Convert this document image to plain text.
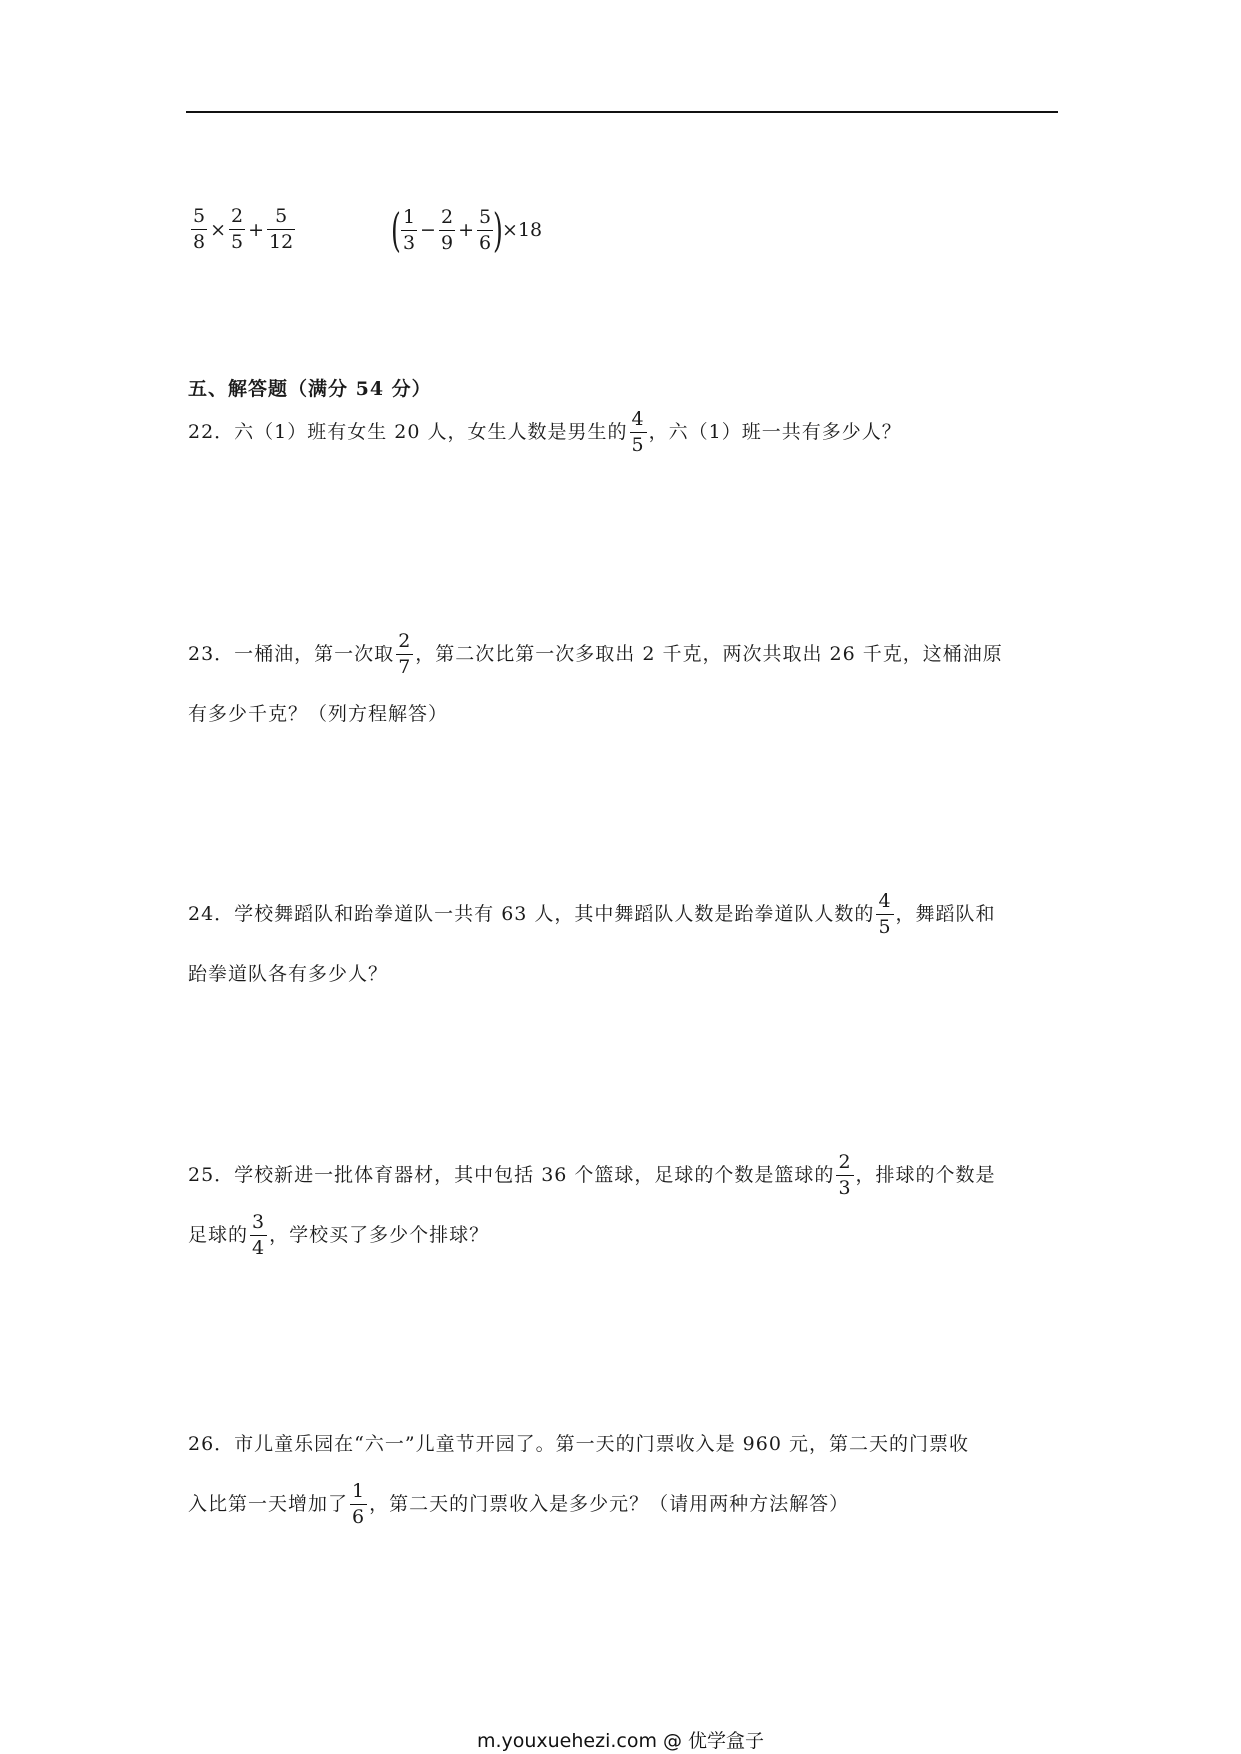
$\frac{5}{8} \times \frac{2}{5} + \frac{5}{12}$ ( $\frac{1}{3} - \frac{2}{9} + \frac{5}{6}$ ) ×18
五、解答题（满分 54 分）
22．六（1）班有女生 20 人，女生人数是男生的 $\frac{4}{5}$ ，六（1）班一共有多少人？
23．一桶油，第一次取 $\frac{2}{7}$ ，第二次比第一次多取出 2 千克，两次共取出 26 千克，这桶油原
有多少千克？（列方程解答）
24．学校舞蹈队和跆拳道队一共有 63 人，其中舞蹈队人数是跆拳道队人数的 $\frac{4}{5}$ ，舞蹈队和
跆拳道队各有多少人？
25．学校新进一批体育器材，其中包括 36 个篮球，足球的个数是篮球的 $\frac{2}{3}$ ，排球的个数是
足球的 $\frac{3}{4}$ ，学校买了多少个排球？
26．市儿童乐园在“六一”儿童节开园了。第一天的门票收入是 960 元，第二天的门票收
入比第一天增加了 $\frac{1}{6}$ ，第二天的门票收入是多少元？（请用两种方法解答）
m.youxuehezi.com @ 优学盒子
